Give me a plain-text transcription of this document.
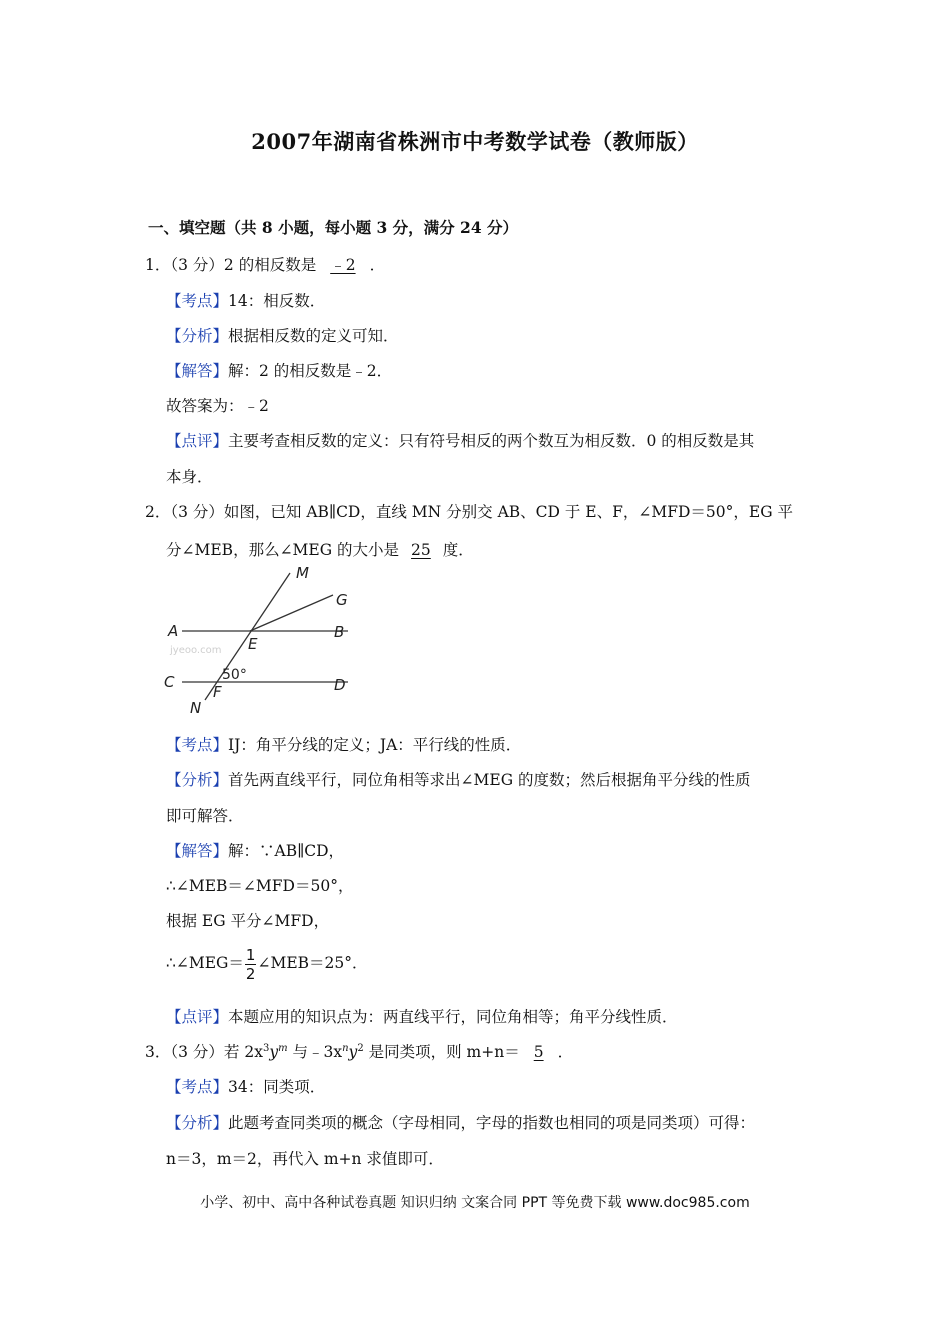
2007年湖南省株洲市中考数学试卷（教师版）
一、填空题（共 8 小题，每小题 3 分，满分 24 分）
1．（3 分）2 的相反数是 ﹣2 ．
【考点】14：相反数．
【分析】根据相反数的定义可知．
【解答】解：2 的相反数是﹣2．
故答案为：﹣2
【点评】主要考查相反数的定义：只有符号相反的两个数互为相反数．0 的相反数是其
本身．
2．（3 分）如图，已知 AB∥CD，直线 MN 分别交 AB、CD 于 E、F，∠MFD＝50°，EG 平
分∠MEB，那么∠MEG 的大小是 25 度．
M
G
A
E
B
C
F	D
N
50°
jyeoo.com
【考点】IJ：角平分线的定义；JA：平行线的性质．
【分析】首先两直线平行，同位角相等求出∠MEG 的度数；然后根据角平分线的性质
即可解答．
【解答】解：∵AB∥CD，
∴∠MEB＝∠MFD＝50°，
根据 EG 平分∠MFD，
∴∠MEG＝ $\frac{1}{2}$ ∠MEB＝25°．
【点评】本题应用的知识点为：两直线平行，同位角相等；角平分线性质．
3．（3 分）若 $2x^3y^m$ 与$﹣3x^ny^2$ 是同类项，则 m+n＝ 5 ．
【考点】34：同类项．
【分析】此题考查同类项的概念（字母相同，字母的指数也相同的项是同类项）可得：
n＝3，m＝2，再代入 m+n 求值即可．
小学、初中、高中各种试卷真题 知识归纳 文案合同 PPT 等免费下载 www.doc985.com
